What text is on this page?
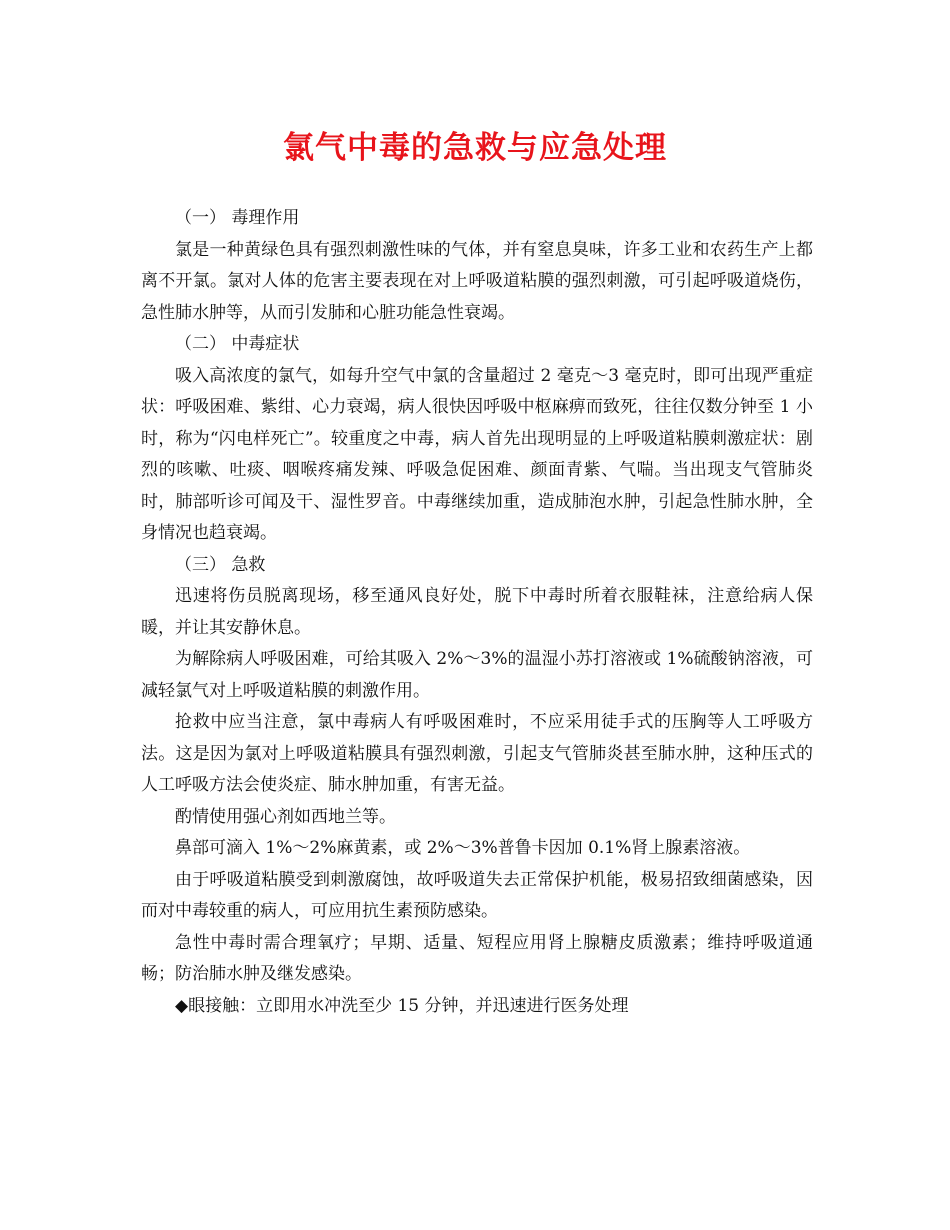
氯气中毒的急救与应急处理

（一） 毒理作用

氯是一种黄绿色具有强烈刺激性味的气体，并有窒息臭味，许多工业和农药生产上都离不开氯。氯对人体的危害主要表现在对上呼吸道粘膜的强烈刺激，可引起呼吸道烧伤，急性肺水肿等，从而引发肺和心脏功能急性衰竭。

（二） 中毒症状

吸入高浓度的氯气，如每升空气中氯的含量超过 2 毫克～3 毫克时，即可出现严重症状：呼吸困难、紫绀、心力衰竭，病人很快因呼吸中枢麻痹而致死，往往仅数分钟至 1 小时，称为“闪电样死亡”。较重度之中毒，病人首先出现明显的上呼吸道粘膜刺激症状：剧烈的咳嗽、吐痰、咽喉疼痛发辣、呼吸急促困难、颜面青紫、气喘。当出现支气管肺炎时，肺部听诊可闻及干、湿性罗音。中毒继续加重，造成肺泡水肿，引起急性肺水肿，全身情况也趋衰竭。

（三） 急救

迅速将伤员脱离现场，移至通风良好处，脱下中毒时所着衣服鞋袜，注意给病人保暖，并让其安静休息。

为解除病人呼吸困难，可给其吸入 2%～3%的温湿小苏打溶液或 1%硫酸钠溶液，可减轻氯气对上呼吸道粘膜的刺激作用。

抢救中应当注意，氯中毒病人有呼吸困难时，不应采用徒手式的压胸等人工呼吸方法。这是因为氯对上呼吸道粘膜具有强烈刺激，引起支气管肺炎甚至肺水肿，这种压式的人工呼吸方法会使炎症、肺水肿加重，有害无益。

酌情使用强心剂如西地兰等。

鼻部可滴入 1%～2%麻黄素，或 2%～3%普鲁卡因加 0.1%肾上腺素溶液。

由于呼吸道粘膜受到刺激腐蚀，故呼吸道失去正常保护机能，极易招致细菌感染，因而对中毒较重的病人，可应用抗生素预防感染。

急性中毒时需合理氧疗；早期、适量、短程应用肾上腺糖皮质激素；维持呼吸道通畅；防治肺水肿及继发感染。

◆眼接触：立即用水冲洗至少 15 分钟，并迅速进行医务处理
